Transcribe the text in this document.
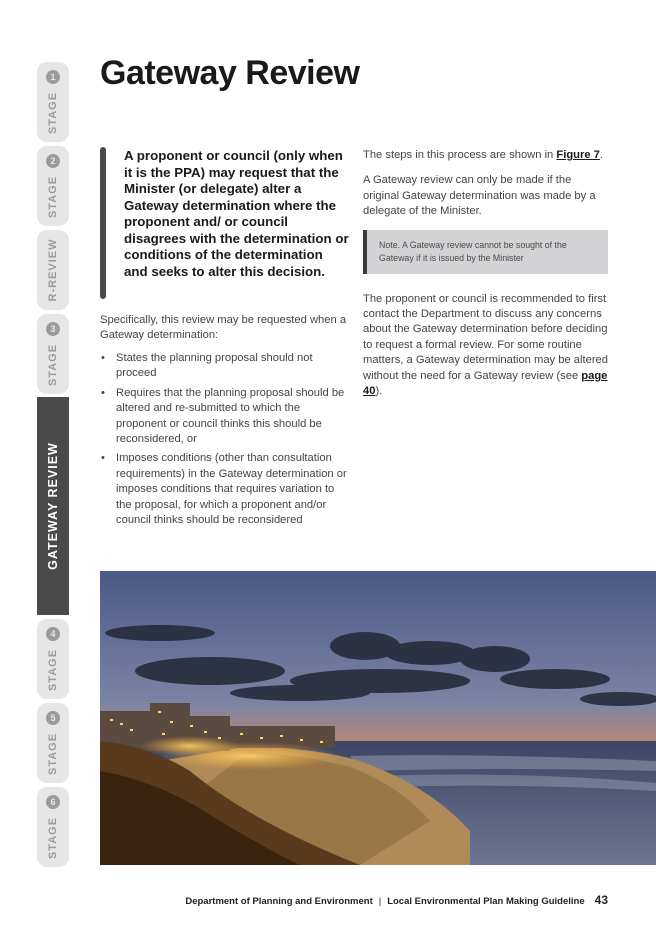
STAGE
1
STAGE
2
R-REVIEW
STAGE
3
GATEWAY REVIEW
STAGE
4
STAGE
5
STAGE
6
Gateway Review

A proponent or council (only when it is the PPA) may request that the Minister (or delegate) alter a Gateway determination where the proponent and/ or council disagrees with the determination or conditions of the determination and seeks to alter this decision.

Specifically, this review may be requested when a Gateway determination:

• States the planning proposal should not proceed
• Requires that the planning proposal should be altered and re-submitted to which the proponent or council thinks this should be reconsidered, or
• Imposes conditions (other than consultation requirements) in the Gateway determination or imposes conditions that requires variation to the proposal, for which a proponent and/or council thinks should be reconsidered

The steps in this process are shown in Figure 7.

A Gateway review can only be made if the original Gateway determination was made by a delegate of the Minister.

Note. A Gateway review cannot be sought of the Gateway if it is issued by the Minister

The proponent or council is recommended to first contact the Department to discuss any concerns about the Gateway determination before deciding to request a formal review. For some routine matters, a Gateway determination may be altered without the need for a Gateway review (see page 40).

Department of Planning and Environment | Local Environmental Plan Making Guideline 43
